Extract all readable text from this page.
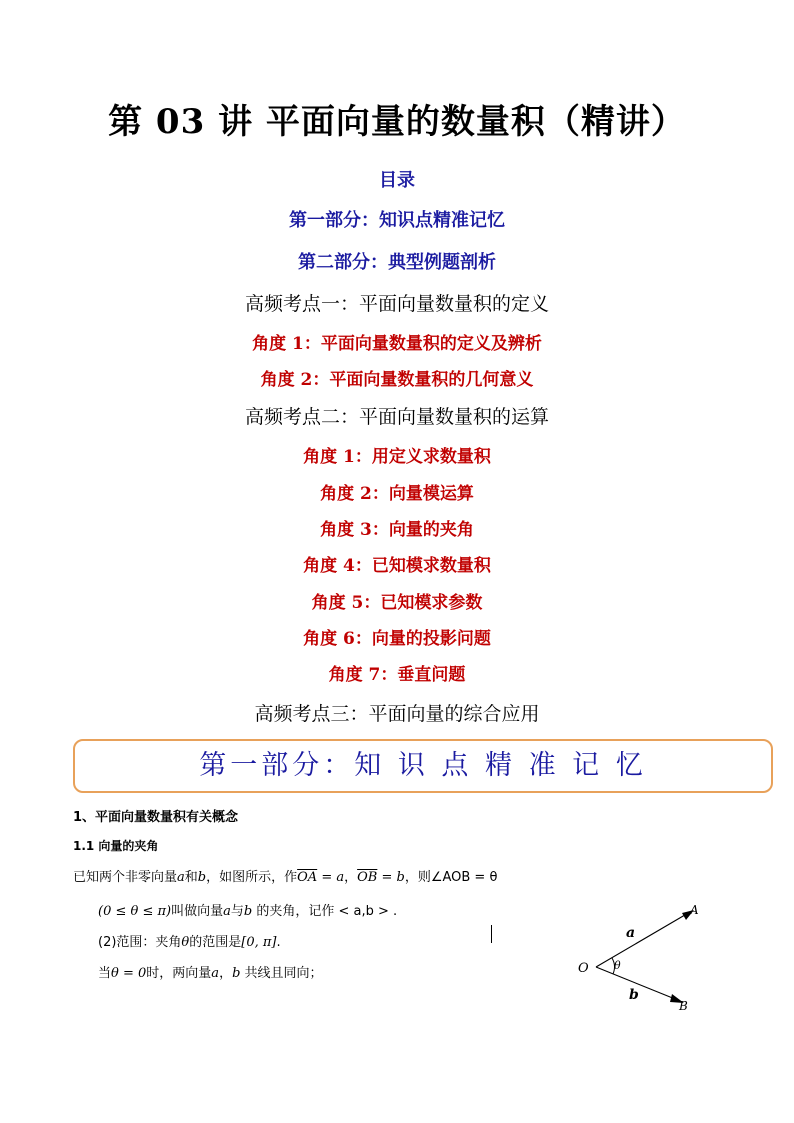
第 03 讲 平面向量的数量积（精讲）
目录
第一部分：知识点精准记忆
第二部分：典型例题剖析
高频考点一：平面向量数量积的定义
角度 1：平面向量数量积的定义及辨析
角度 2：平面向量数量积的几何意义
高频考点二：平面向量数量积的运算
角度 1：用定义求数量积
角度 2：向量模运算
角度 3：向量的夹角
角度 4：已知模求数量积
角度 5：已知模求参数
角度 6：向量的投影问题
角度 7：垂直问题
高频考点三：平面向量的综合应用
第一部分：知 识 点 精 准 记 忆
1、平面向量数量积有关概念
1.1 向量的夹角
已知两个非零向量a和b，如图所示，作$\overline{OA} = a$，$\overline{OB} = b$，则∠AOB = θ
(0 ≤ θ ≤ π)叫做向量a与b 的夹角，记作 < a,b > .
(2)范围：夹角θ的范围是[0, π].
当θ = 0时，两向量a，b 共线且同向；	O
A
B
a
b
θ
